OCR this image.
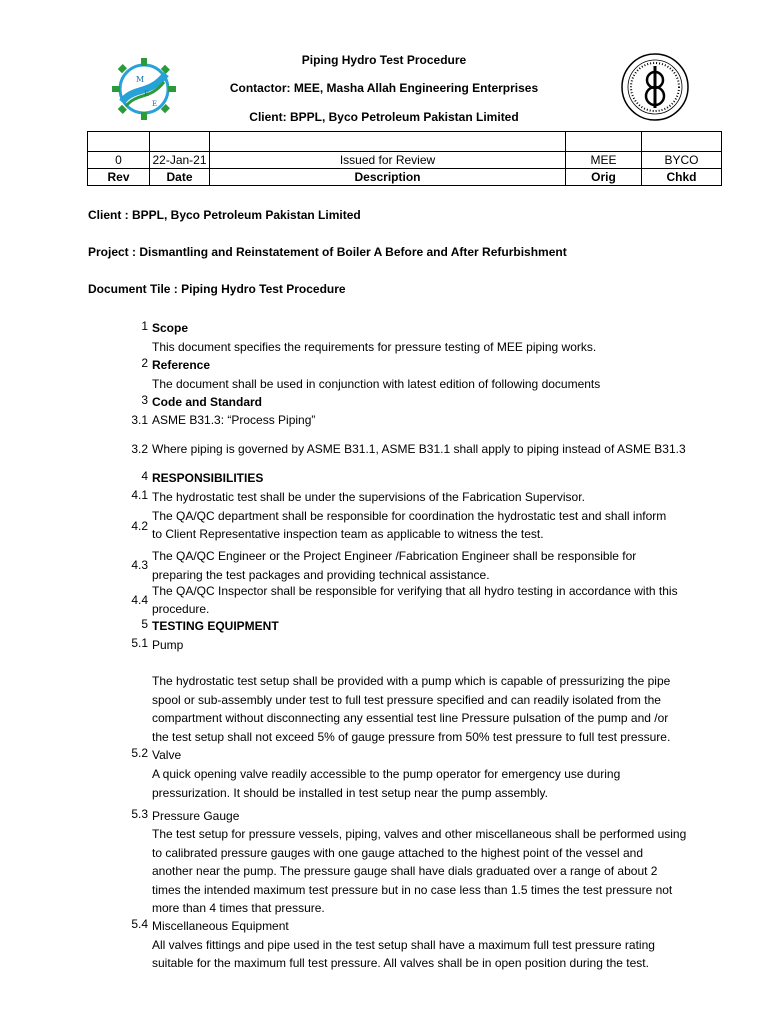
M
E
E
Piping Hydro Test Procedure
Contactor: MEE, Masha Allah Engineering Enterprises
Client: BPPL, Byco Petroleum Pakistan Limited

0	22-Jan-21	Issued for Review	MEE	BYCO
Rev	Date	Description	Orig	Chkd
Client : BPPL, Byco Petroleum Pakistan Limited
Project : Dismantling and Reinstatement of Boiler A Before and After Refurbishment
Document Tile : Piping Hydro Test Procedure
1 Scope
This document specifies the requirements for pressure testing of MEE piping works.
2 Reference
The document shall be used in conjunction with latest edition of following documents
3 Code and Standard
3.1 ASME B31.3: “Process Piping”
3.2 Where piping is governed by ASME B31.1, ASME B31.1 shall apply to piping instead of ASME B31.3
4 RESPONSIBILITIES
4.1 The hydrostatic test shall be under the supervisions of the Fabrication Supervisor.
4.2
The QA/QC department shall be responsible for coordination the hydrostatic test and shall inform
to Client Representative inspection team as applicable to witness the test.
4.3
The QA/QC Engineer or the Project Engineer /Fabrication Engineer shall be responsible for
preparing the test packages and providing technical assistance.
4.4
The QA/QC Inspector shall be responsible for verifying that all hydro testing in accordance with this
procedure.
5 TESTING EQUIPMENT
5.1 Pump
The hydrostatic test setup shall be provided with a pump which is capable of pressurizing the pipe
spool or sub-assembly under test to full test pressure specified and can readily isolated from the
compartment without disconnecting any essential test line Pressure pulsation of the pump and /or
the test setup shall not exceed 5% of gauge pressure from 50% test pressure to full test pressure.
5.2 Valve
A quick opening valve readily accessible to the pump operator for emergency use during
pressurization. It should be installed in test setup near the pump assembly.
5.3 Pressure Gauge
The test setup for pressure vessels, piping, valves and other miscellaneous shall be performed using
to calibrated pressure gauges with one gauge attached to the highest point of the vessel and
another near the pump. The pressure gauge shall have dials graduated over a range of about 2
times the intended maximum test pressure but in no case less than 1.5 times the test pressure not
more than 4 times that pressure.
5.4 Miscellaneous Equipment
All valves fittings and pipe used in the test setup shall have a maximum full test pressure rating
suitable for the maximum full test pressure. All valves shall be in open position during the test.
